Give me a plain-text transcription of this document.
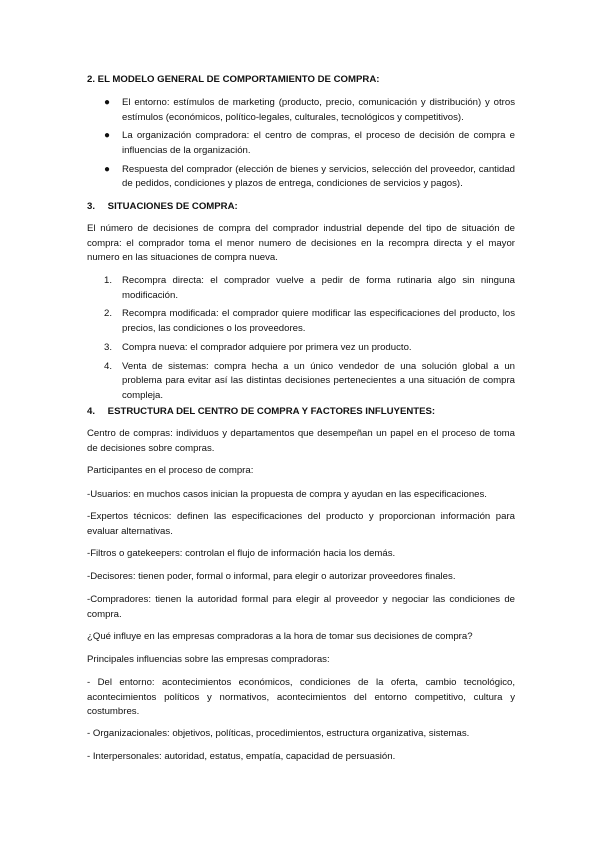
2. EL MODELO GENERAL DE COMPORTAMIENTO DE COMPRA:
● El entorno: estímulos de marketing (producto, precio, comunicación y distribución) y otros estímulos (económicos, político-legales, culturales, tecnológicos y competitivos).
● La organización compradora: el centro de compras, el proceso de decisión de compra e influencias de la organización.
● Respuesta del comprador (elección de bienes y servicios, selección del proveedor, cantidad de pedidos, condiciones y plazos de entrega, condiciones de servicios y pagos).
3. SITUACIONES DE COMPRA:

El número de decisiones de compra del comprador industrial depende del tipo de situación de compra: el comprador toma el menor numero de decisiones en la recompra directa y el mayor numero en las situaciones de compra nueva.

1. Recompra directa: el comprador vuelve a pedir de forma rutinaria algo sin ninguna modificación.
2. Recompra modificada: el comprador quiere modificar las especificaciones del producto, los precios, las condiciones o los proveedores.
3. Compra nueva: el comprador adquiere por primera vez un producto.
4. Venta de sistemas: compra hecha a un único vendedor de una solución global a un problema para evitar así las distintas decisiones pertenecientes a una situación de compra compleja.
4. ESTRUCTURA DEL CENTRO DE COMPRA Y FACTORES INFLUYENTES:

Centro de compras: individuos y departamentos que desempeñan un papel en el proceso de toma de decisiones sobre compras.

Participantes en el proceso de compra:

-Usuarios: en muchos casos inician la propuesta de compra y ayudan en las especificaciones.

-Expertos técnicos: definen las especificaciones del producto y proporcionan información para evaluar alternativas.

-Filtros o gatekeepers: controlan el flujo de información hacia los demás.

-Decisores: tienen poder, formal o informal, para elegir o autorizar proveedores finales.

-Compradores: tienen la autoridad formal para elegir al proveedor y negociar las condiciones de compra.

¿Qué influye en las empresas compradoras a la hora de tomar sus decisiones de compra?

Principales influencias sobre las empresas compradoras:

- Del entorno: acontecimientos económicos, condiciones de la oferta, cambio tecnológico, acontecimientos políticos y normativos, acontecimientos del entorno competitivo, cultura y costumbres.

- Organizacionales: objetivos, políticas, procedimientos, estructura organizativa, sistemas.

- Interpersonales: autoridad, estatus, empatía, capacidad de persuasión.
